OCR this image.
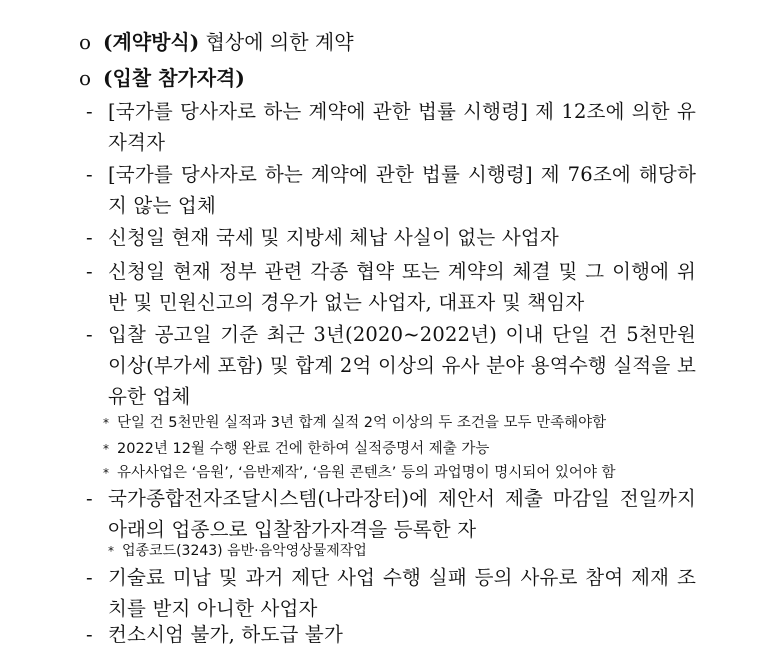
o (계약방식) 협상에 의한 계약
o (입찰 참가자격)
- [국가를 당사자로 하는 계약에 관한 법률 시행령] 제 12조에 의한 유자격자
- [국가를 당사자로 하는 계약에 관한 법률 시행령] 제 76조에 해당하지 않는 업체
- 신청일 현재 국세 및 지방세 체납 사실이 없는 사업자
- 신청일 현재 정부 관련 각종 협약 또는 계약의 체결 및 그 이행에 위반 및 민원신고의 경우가 없는 사업자, 대표자 및 책임자
- 입찰 공고일 기준 최근 3년(2020~2022년) 이내 단일 건 5천만원 이상(부가세 포함) 및 합계 2억 이상의 유사 분야 용역수행 실적을 보유한 업체
* 단일 건 5천만원 실적과 3년 합계 실적 2억 이상의 두 조건을 모두 만족해야함
* 2022년 12월 수행 완료 건에 한하여 실적증명서 제출 가능
* 유사사업은 ‘음원’, ‘음반제작’, ‘음원 콘텐츠’ 등의 과업명이 명시되어 있어야 함
- 국가종합전자조달시스템(나라장터)에 제안서 제출 마감일 전일까지 아래의 업종으로 입찰참가자격을 등록한 자
* 업종코드(3243) 음반·음악영상물제작업
- 기술료 미납 및 과거 제단 사업 수행 실패 등의 사유로 참여 제재 조치를 받지 아니한 사업자
- 컨소시엄 불가, 하도급 불가
